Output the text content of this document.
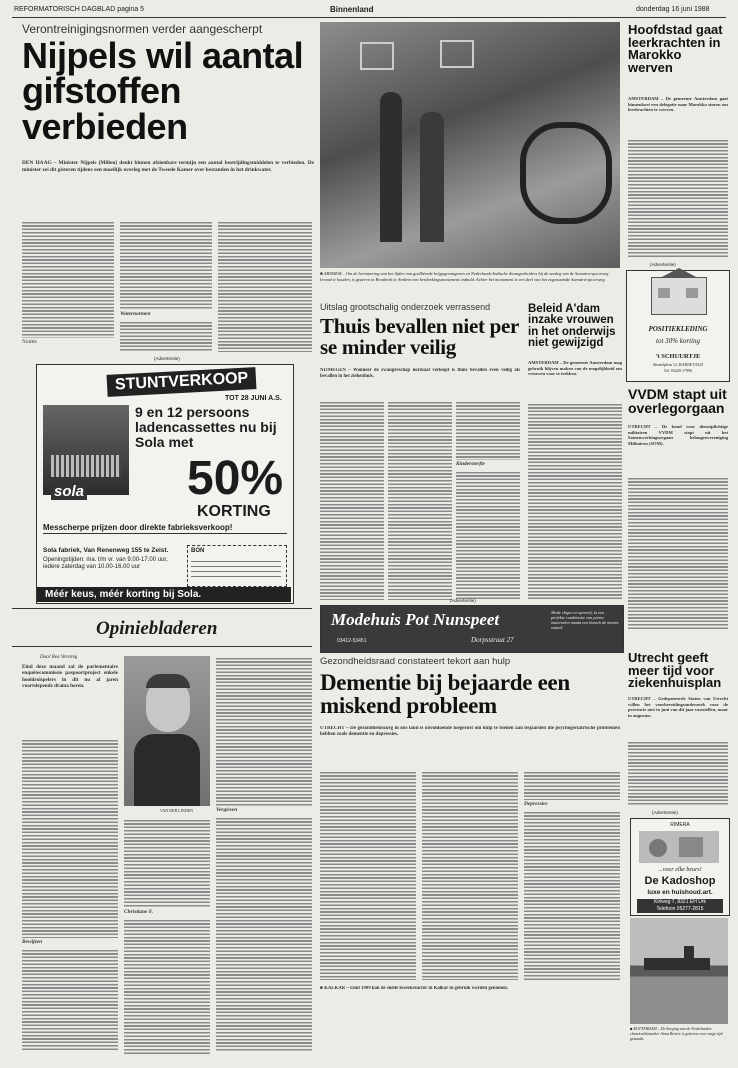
REFORMATORISCH DAGBLAD pagina 5	Binnenland	donderdag 16 juni 1988
Verontreinigingsnormen verder aangescherpt
Nijpels wil aantal gifstoffen verbieden
DEN HAAG – Minister Nijpels (Milieu) denkt binnen afzienbare termijn een aantal bestrijdingsmiddelen te verbieden. De minister zei dit gisteren tijdens een moeilijk overleg met de Tweede Kamer over bestanden in het drinkwater.
Notitie
Waternormen
■ ARNHEM – Om de herinnering aan het lijden van gealliëerde krijgsgevangenen en Nederlands-Indische dwangarbeiders bij de aanleg van de Sumatra-spoorweg levend te houden, is gisteren in Bronbeek te Arnhem een herdenkingsmonument onthuld. Achter het monument is een deel van het zogenaamde Sumatra-spoorweg.
Hoofdstad gaat leerkrachten in Marokko werven
AMSTERDAM – De gemeente Amsterdam gaat binnenkort een delegatie naar Marokko sturen om leerkrachten te werven.
(Advertentie)
POSITIEKLEDING
tot 30% korting
't SCHUURTJE
Sleutelplein 12, BARNEVELD
Tel. 03420-17996
VVDM stapt uit overlegorgaan
UTRECHT – De bond voor dienstplichtige militairen VVDM stapt uit het Samenwerkingsorgaan belangenvereniging Militairen (SOM).
(Advertentie)
STUNTVERKOOP
TOT 28 JUNI A.S.
9 en 12 persoons ladencassettes nu bij Sola met
50%
KORTING
sola
Messcherpe prijzen door direkte fabrieksverkoop!
Sola fabriek, Van Renenweg 155 te Zeist.
Openingstijden: ma. t/m vr. van 9.00-17.00 uur, iedere zaterdag van 10.00-16.00 uur
BON
Méér keus, méér korting bij Sola.
Uitslag grootschalig onderzoek verrassend
Thuis bevallen niet per se minder veilig
NIJMEGEN – Wanneer de zwangerschap normaal verloopt is thuis bevallen even veilig als bevallen in het ziekenhuis.
Kindersterfte
Beleid A'dam inzake vrouwen in het onderwijs niet gewijzigd
AMSTERDAM – De gemeente Amsterdam mag gebruik blijven maken van de mogelijkheid om vrouwen voor te trekken.
(Advertentie)
Modehuis Pot Nunspeet
03412-53451	Dorpsstraat 27
Mode clique en sportief, in een perfekte combinatie van prima materialen maakt een bezoek de moeite waard.
Opiniebladeren
Door Bea Verstreg
Eind deze maand zal de parlementaire enquêtecommissie paspoortproject enkele hooldrolspelers in dit nu al jaren voortslepende drama horen.
Bewijzen
VAN DER LINDEN
Christiane F.
Vergissen
Gezondheidsraad constateert tekort aan hulp
Dementie bij bejaarde een miskend probleem
UTRECHT – De gezondheidszorg in ons land is onvoldoende toegerust om hulp te bieden aan bejaarden die psychogeriatrische problemen hebben zoals dementie en depressies.
Depressies
■ KALKAR – Eind 1989 kan de snelle kweekreactor in Kalkar in gebruik worden genomen.
Utrecht geeft meer tijd voor ziekenhuisplan
UTRECHT – Gedeputeerde Staten van Utrecht willen het voorbereidingsonderzoek voor de provincie niet in juni van dit jaar vaststellen, maar in augustus.
(Advertentie)
RIMERA
...voor elke beurs!
De Kadoshop
luxe en huishoud.art.
Kirlweg 7, 8321 EH Urk
Telefoon 05277-2815
■ ROTTERDAM – De berging van de Nederlandse chemicaliëntanker Anna Broere is gisteren voor enige tijd gestaakt.
